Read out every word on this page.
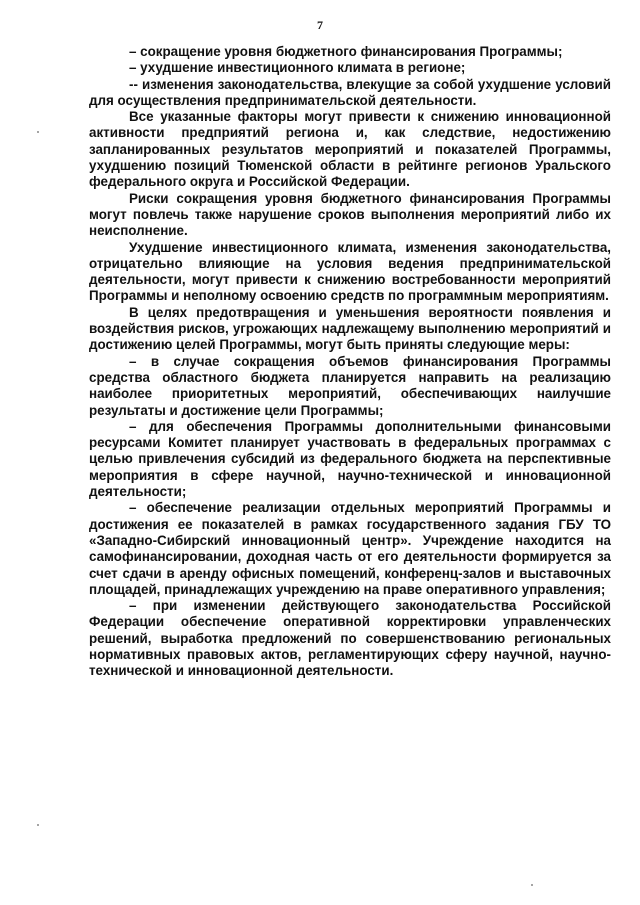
7

– сокращение уровня бюджетного финансирования Программы;

– ухудшение инвестиционного климата в регионе;

-- изменения законодательства, влекущие за собой ухудшение условий для осуществления предпринимательской деятельности.

Все указанные факторы могут привести к снижению инновационной активности предприятий региона и, как следствие, недостижению запланированных результатов мероприятий и показателей Программы, ухудшению позиций Тюменской области в рейтинге регионов Уральского федерального округа и Российской Федерации.

Риски сокращения уровня бюджетного финансирования Программы могут повлечь также нарушение сроков выполнения мероприятий либо их неисполнение.

Ухудшение инвестиционного климата, изменения законодательства, отрицательно влияющие на условия ведения предпринимательской деятельности, могут привести к снижению востребованности мероприятий Программы и неполному освоению средств по программным мероприятиям.

В целях предотвращения и уменьшения вероятности появления и воздействия рисков, угрожающих надлежащему выполнению мероприятий и достижению целей Программы, могут быть приняты следующие меры:

– в случае сокращения объемов финансирования Программы средства областного бюджета планируется направить на реализацию наиболее приоритетных мероприятий, обеспечивающих наилучшие результаты и достижение цели Программы;

– для обеспечения Программы дополнительными финансовыми ресурсами Комитет планирует участвовать в федеральных программах с целью привлечения субсидий из федерального бюджета на перспективные мероприятия в сфере научной, научно-технической и инновационной деятельности;

– обеспечение реализации отдельных мероприятий Программы и достижения ее показателей в рамках государственного задания ГБУ ТО «Западно-Сибирский инновационный центр». Учреждение находится на самофинансировании, доходная часть от его деятельности формируется за счет сдачи в аренду офисных помещений, конференц-залов и выставочных площадей, принадлежащих учреждению на праве оперативного управления;

– при изменении действующего законодательства Российской Федерации обеспечение оперативной корректировки управленческих решений, выработка предложений по совершенствованию региональных нормативных правовых актов, регламентирующих сферу научной, научно-технической и инновационной деятельности.
